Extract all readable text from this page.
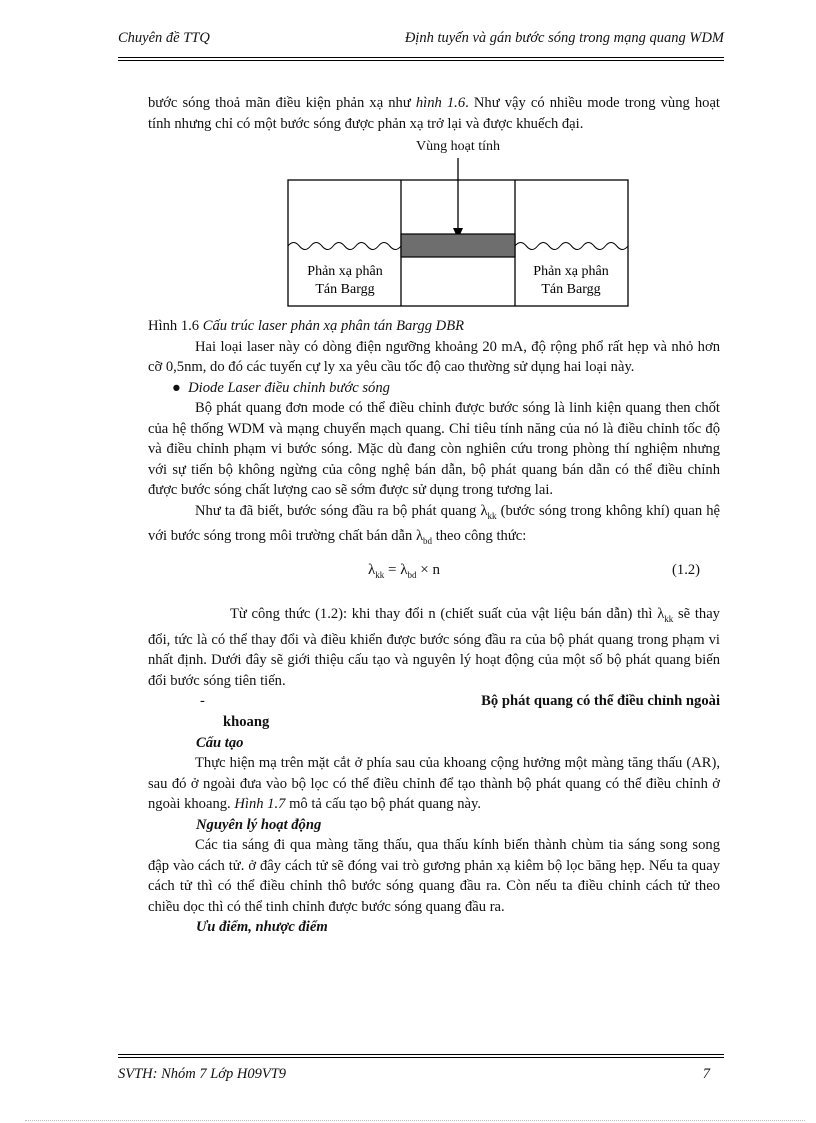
Chuyên đề TTQ	Định tuyến và gán bước sóng trong mạng quang WDM

bước sóng thoả mãn điều kiện phản xạ như hình 1.6. Như vậy có nhiều mode trong vùng hoạt tính nhưng chỉ có một bước sóng được phản xạ trở lại và được khuếch đại.

Vùng hoạt tính
Phản xạ phân
Tán Bargg
Phản xạ phân
Tán Bargg

Hình 1.6 Cấu trúc laser phản xạ phân tán Bargg DBR

Hai loại laser này có dòng điện ngưỡng khoảng 20 mA, độ rộng phổ rất hẹp và nhỏ hơn cỡ 0,5nm, do đó các tuyến cự ly xa yêu cầu tốc độ cao thường sử dụng hai loại này.

●  Diode Laser điều chỉnh bước sóng

Bộ phát quang đơn mode có thể điều chỉnh được bước sóng là linh kiện quang then chốt của hệ thống WDM và mạng chuyển mạch quang. Chỉ tiêu tính năng của nó là điều chỉnh tốc độ và điều chỉnh phạm vi bước sóng. Mặc dù đang còn nghiên cứu trong phòng thí nghiệm nhưng với sự tiến bộ không ngừng của công nghệ bán dẫn, bộ phát quang bán dẫn có thể điều chỉnh được bước sóng chất lượng cao sẽ sớm được sử dụng trong tương lai.

Như ta đã biết, bước sóng đầu ra bộ phát quang $\lambda_{kk}$ (bước sóng trong không khí) quan hệ với bước sóng trong môi trường chất bán dẫn $\lambda_{bd}$ theo công thức:

$\lambda_{kk} = \lambda_{bd} \times n$	(1.2)

Từ công thức (1.2): khi thay đổi n (chiết suất của vật liệu bán dẫn) thì $\lambda_{kk}$ sẽ thay đổi, tức là có thể thay đổi và điều khiển được bước sóng đầu ra của bộ phát quang trong phạm vi nhất định. Dưới đây sẽ giới thiệu cấu tạo và nguyên lý hoạt động của một số bộ phát quang biến đổi bước sóng tiên tiến.

-	Bộ phát quang có thể điều chỉnh ngoài

khoang

Cấu tạo

Thực hiện mạ trên mặt cắt ở phía sau của khoang cộng hưởng một màng tăng thấu (AR), sau đó ở ngoài đưa vào bộ lọc có thể điều chỉnh để tạo thành bộ phát quang có thể điều chỉnh ở ngoài khoang. Hình 1.7 mô tả cấu tạo bộ phát quang này.

Nguyên lý hoạt động

Các tia sáng đi qua màng tăng thấu, qua thấu kính biến thành chùm tia sáng song song đập vào cách tử. ở đây cách tử sẽ đóng vai trò gương phản xạ kiêm bộ lọc băng hẹp. Nếu ta quay cách tử thì có thể điều chỉnh thô bước sóng quang đầu ra. Còn nếu ta điều chỉnh cách tử theo chiều dọc thì có thể tinh chỉnh được bước sóng quang đầu ra.

Ưu điểm, nhược điểm

SVTH: Nhóm 7 Lớp H09VT9	7
